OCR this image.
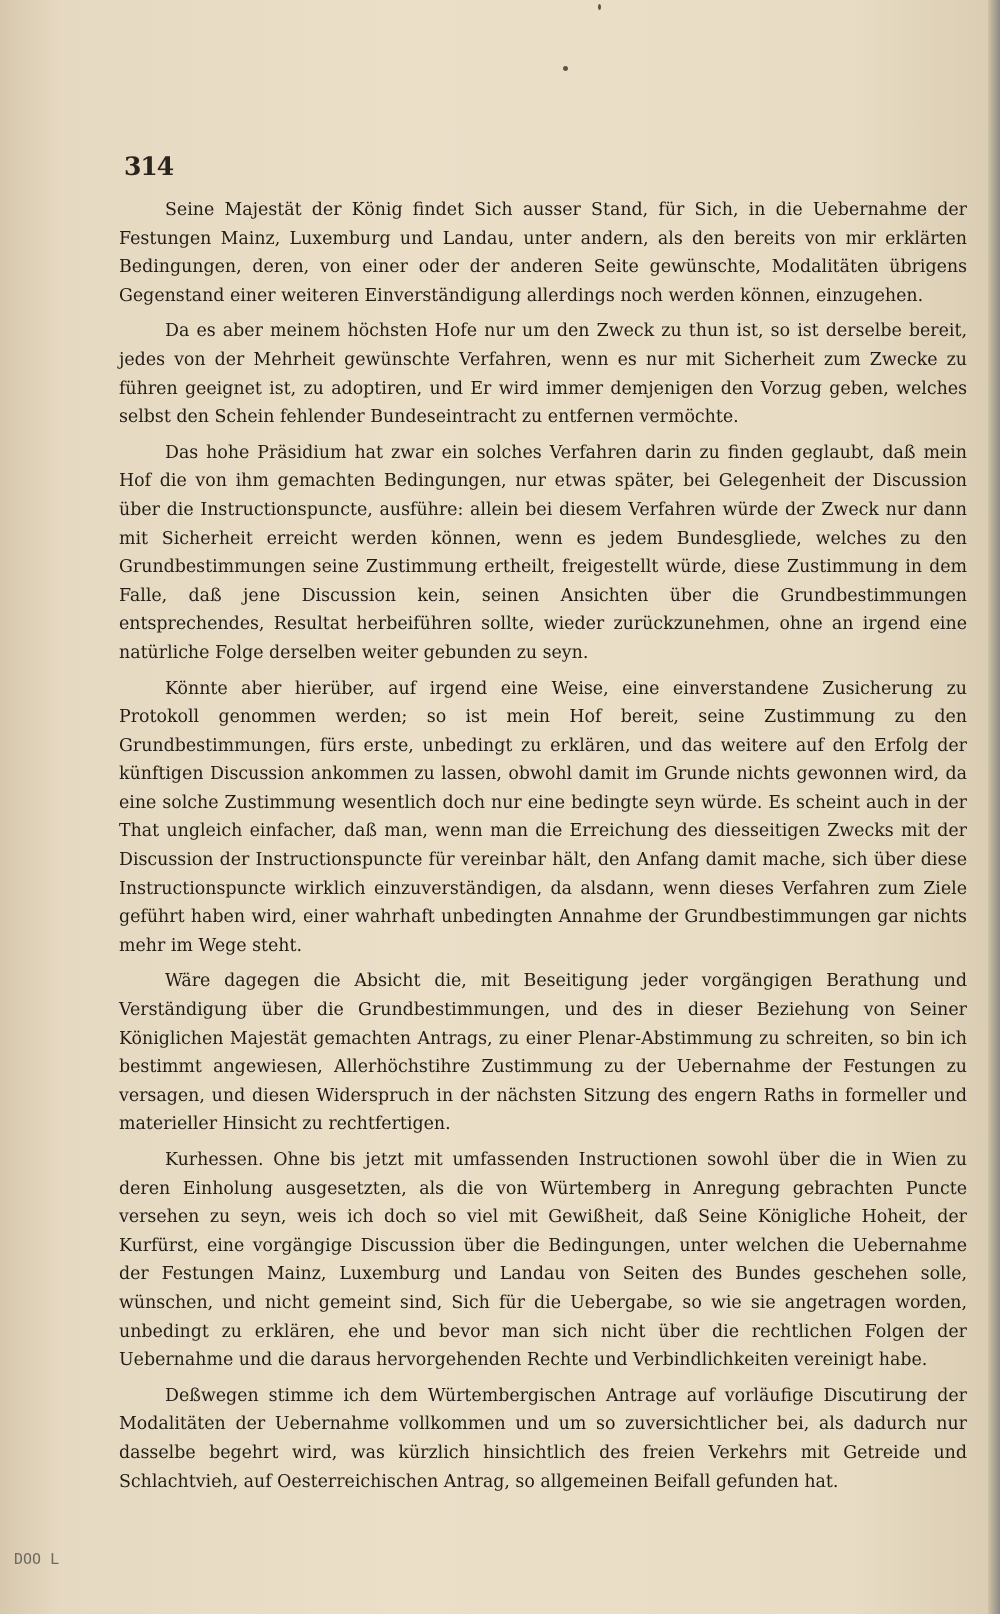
314

Seine Majestät der König findet Sich ausser Stand, für Sich, in die Uebernahme der Festungen Mainz, Luxemburg und Landau, unter andern, als den bereits von mir erklärten Bedingungen, deren, von einer oder der anderen Seite gewünschte, Modalitäten übrigens Gegenstand einer weiteren Einverständigung allerdings noch werden können, einzugehen.

Da es aber meinem höchsten Hofe nur um den Zweck zu thun ist, so ist derselbe bereit, jedes von der Mehrheit gewünschte Verfahren, wenn es nur mit Sicherheit zum Zwecke zu führen geeignet ist, zu adoptiren, und Er wird immer demjenigen den Vorzug geben, welches selbst den Schein fehlender Bundeseintracht zu entfernen vermöchte.

Das hohe Präsidium hat zwar ein solches Verfahren darin zu finden geglaubt, daß mein Hof die von ihm gemachten Bedingungen, nur etwas später, bei Gelegenheit der Discussion über die Instructionspuncte, ausführe: allein bei diesem Verfahren würde der Zweck nur dann mit Sicherheit erreicht werden können, wenn es jedem Bundesgliede, welches zu den Grundbestimmungen seine Zustimmung ertheilt, freigestellt würde, diese Zustimmung in dem Falle, daß jene Discussion kein, seinen Ansichten über die Grundbestimmungen entsprechendes, Resultat herbeiführen sollte, wieder zurückzunehmen, ohne an irgend eine natürliche Folge derselben weiter gebunden zu seyn.

Könnte aber hierüber, auf irgend eine Weise, eine einverstandene Zusicherung zu Protokoll genommen werden; so ist mein Hof bereit, seine Zustimmung zu den Grundbestimmungen, fürs erste, unbedingt zu erklären, und das weitere auf den Erfolg der künftigen Discussion ankommen zu lassen, obwohl damit im Grunde nichts gewonnen wird, da eine solche Zustimmung wesentlich doch nur eine bedingte seyn würde. Es scheint auch in der That ungleich einfacher, daß man, wenn man die Erreichung des diesseitigen Zwecks mit der Discussion der Instructionspuncte für vereinbar hält, den Anfang damit mache, sich über diese Instructionspuncte wirklich einzuverständigen, da alsdann, wenn dieses Verfahren zum Ziele geführt haben wird, einer wahrhaft unbedingten Annahme der Grundbestimmungen gar nichts mehr im Wege steht.

Wäre dagegen die Absicht die, mit Beseitigung jeder vorgängigen Berathung und Verständigung über die Grundbestimmungen, und des in dieser Beziehung von Seiner Königlichen Majestät gemachten Antrags, zu einer Plenar-Abstimmung zu schreiten, so bin ich bestimmt angewiesen, Allerhöchstihre Zustimmung zu der Uebernahme der Festungen zu versagen, und diesen Widerspruch in der nächsten Sitzung des engern Raths in formeller und materieller Hinsicht zu rechtfertigen.

Kurhessen. Ohne bis jetzt mit umfassenden Instructionen sowohl über die in Wien zu deren Einholung ausgesetzten, als die von Würtemberg in Anregung gebrachten Puncte versehen zu seyn, weis ich doch so viel mit Gewißheit, daß Seine Königliche Hoheit, der Kurfürst, eine vorgängige Discussion über die Bedingungen, unter welchen die Uebernahme der Festungen Mainz, Luxemburg und Landau von Seiten des Bundes geschehen solle, wünschen, und nicht gemeint sind, Sich für die Uebergabe, so wie sie angetragen worden, unbedingt zu erklären, ehe und bevor man sich nicht über die rechtlichen Folgen der Uebernahme und die daraus hervorgehenden Rechte und Verbindlichkeiten vereinigt habe.

Deßwegen stimme ich dem Würtembergischen Antrage auf vorläufige Discutirung der Modalitäten der Uebernahme vollkommen und um so zuversichtlicher bei, als dadurch nur dasselbe begehrt wird, was kürzlich hinsichtlich des freien Verkehrs mit Getreide und Schlachtvieh, auf Oesterreichischen Antrag, so allgemeinen Beifall gefunden hat.

DOO L
